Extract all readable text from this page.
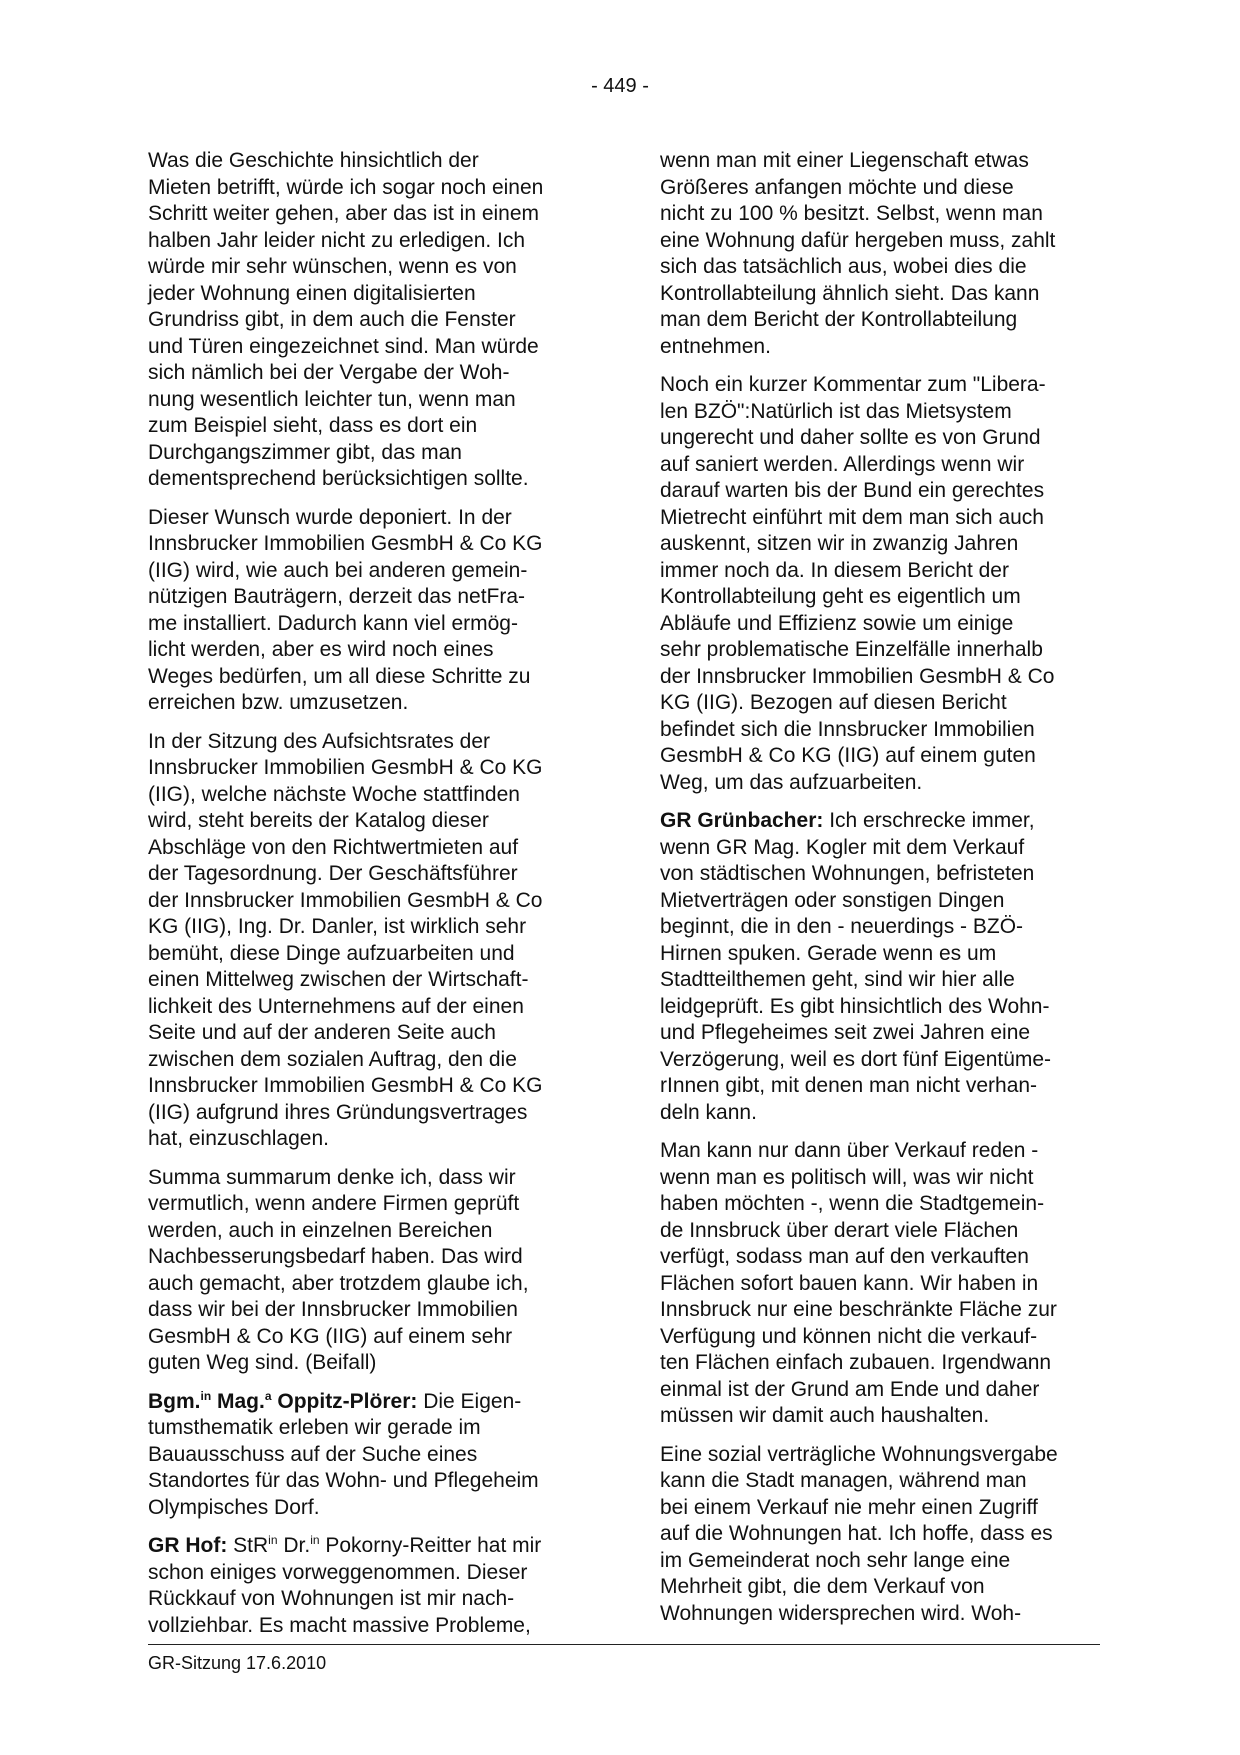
- 449 -

Was die Geschichte hinsichtlich der
Mieten betrifft, würde ich sogar noch einen
Schritt weiter gehen, aber das ist in einem
halben Jahr leider nicht zu erledigen. Ich
würde mir sehr wünschen, wenn es von
jeder Wohnung einen digitalisierten
Grundriss gibt, in dem auch die Fenster
und Türen eingezeichnet sind. Man würde
sich nämlich bei der Vergabe der Woh-
nung wesentlich leichter tun, wenn man
zum Beispiel sieht, dass es dort ein
Durchgangszimmer gibt, das man
dementsprechend berücksichtigen sollte.

Dieser Wunsch wurde deponiert. In der
Innsbrucker Immobilien GesmbH & Co KG
(IIG) wird, wie auch bei anderen gemein-
nützigen Bauträgern, derzeit das netFra-
me installiert. Dadurch kann viel ermög-
licht werden, aber es wird noch eines
Weges bedürfen, um all diese Schritte zu
erreichen bzw. umzusetzen.

In der Sitzung des Aufsichtsrates der
Innsbrucker Immobilien GesmbH & Co KG
(IIG), welche nächste Woche stattfinden
wird, steht bereits der Katalog dieser
Abschläge von den Richtwertmieten auf
der Tagesordnung. Der Geschäftsführer
der Innsbrucker Immobilien GesmbH & Co
KG (IIG), Ing. Dr. Danler, ist wirklich sehr
bemüht, diese Dinge aufzuarbeiten und
einen Mittelweg zwischen der Wirtschaft-
lichkeit des Unternehmens auf der einen
Seite und auf der anderen Seite auch
zwischen dem sozialen Auftrag, den die
Innsbrucker Immobilien GesmbH & Co KG
(IIG) aufgrund ihres Gründungsvertrages
hat, einzuschlagen.

Summa summarum denke ich, dass wir
vermutlich, wenn andere Firmen geprüft
werden, auch in einzelnen Bereichen
Nachbesserungsbedarf haben. Das wird
auch gemacht, aber trotzdem glaube ich,
dass wir bei der Innsbrucker Immobilien
GesmbH & Co KG (IIG) auf einem sehr
guten Weg sind. (Beifall)

Bgm.$^{in}$ Mag.$^a$ Oppitz-Plörer: Die Eigen-
tumsthematik erleben wir gerade im
Bauausschuss auf der Suche eines
Standortes für das Wohn- und Pflegeheim
Olympisches Dorf.

GR Hof: StR$^{in}$ Dr.$^{in}$ Pokorny-Reitter hat mir
schon einiges vorweggenommen. Dieser
Rückkauf von Wohnungen ist mir nach-
vollziehbar. Es macht massive Probleme,

wenn man mit einer Liegenschaft etwas
Größeres anfangen möchte und diese
nicht zu 100 % besitzt. Selbst, wenn man
eine Wohnung dafür hergeben muss, zahlt
sich das tatsächlich aus, wobei dies die
Kontrollabteilung ähnlich sieht. Das kann
man dem Bericht der Kontrollabteilung
entnehmen.

Noch ein kurzer Kommentar zum "Libera-
len BZÖ":Natürlich ist das Mietsystem
ungerecht und daher sollte es von Grund
auf saniert werden. Allerdings wenn wir
darauf warten bis der Bund ein gerechtes
Mietrecht einführt mit dem man sich auch
auskennt, sitzen wir in zwanzig Jahren
immer noch da. In diesem Bericht der
Kontrollabteilung geht es eigentlich um
Abläufe und Effizienz sowie um einige
sehr problematische Einzelfälle innerhalb
der Innsbrucker Immobilien GesmbH & Co
KG (IIG). Bezogen auf diesen Bericht
befindet sich die Innsbrucker Immobilien
GesmbH & Co KG (IIG) auf einem guten
Weg, um das aufzuarbeiten.

GR Grünbacher: Ich erschrecke immer,
wenn GR Mag. Kogler mit dem Verkauf
von städtischen Wohnungen, befristeten
Mietverträgen oder sonstigen Dingen
beginnt, die in den - neuerdings - BZÖ-
Hirnen spuken. Gerade wenn es um
Stadtteilthemen geht, sind wir hier alle
leidgeprüft. Es gibt hinsichtlich des Wohn-
und Pflegeheimes seit zwei Jahren eine
Verzögerung, weil es dort fünf Eigentüme-
rInnen gibt, mit denen man nicht verhan-
deln kann.

Man kann nur dann über Verkauf reden -
wenn man es politisch will, was wir nicht
haben möchten -, wenn die Stadtgemein-
de Innsbruck über derart viele Flächen
verfügt, sodass man auf den verkauften
Flächen sofort bauen kann. Wir haben in
Innsbruck nur eine beschränkte Fläche zur
Verfügung und können nicht die verkauf-
ten Flächen einfach zubauen. Irgendwann
einmal ist der Grund am Ende und daher
müssen wir damit auch haushalten.

Eine sozial verträgliche Wohnungsvergabe
kann die Stadt managen, während man
bei einem Verkauf nie mehr einen Zugriff
auf die Wohnungen hat. Ich hoffe, dass es
im Gemeinderat noch sehr lange eine
Mehrheit gibt, die dem Verkauf von
Wohnungen widersprechen wird. Woh-

GR-Sitzung 17.6.2010
